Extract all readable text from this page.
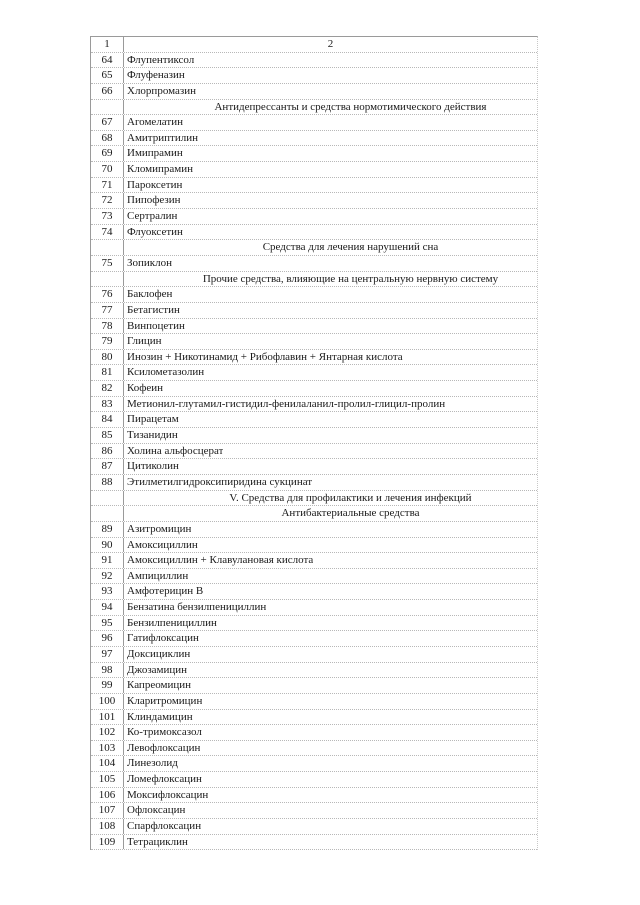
1	2
64	Флупентиксол
65	Флуфеназин
66	Хлорпромазин
Антидепрессанты и средства нормотимического действия
67	Агомелатин
68	Амитриптилин
69	Имипрамин
70	Кломипрамин
71	Пароксетин
72	Пипофезин
73	Сертралин
74	Флуоксетин
Средства для лечения нарушений сна
75	Зопиклон
Прочие средства, влияющие на центральную нервную систему
76	Баклофен
77	Бетагистин
78	Винпоцетин
79	Глицин
80	Инозин + Никотинамид + Рибофлавин + Янтарная кислота
81	Ксилометазолин
82	Кофеин
83	Метионил-глутамил-гистидил-фенилаланил-пролил-глицил-пролин
84	Пирацетам
85	Тизанидин
86	Холина альфосцерат
87	Цитиколин
88	Этилметилгидроксипиридина сукцинат
V. Средства для профилактики и лечения инфекций
Антибактериальные средства
89	Азитромицин
90	Амоксициллин
91	Амоксициллин + Клавулановая кислота
92	Ампициллин
93	Амфотерицин В
94	Бензатина бензилпенициллин
95	Бензилпенициллин
96	Гатифлоксацин
97	Доксициклин
98	Джозамицин
99	Капреомицин
100	Кларитромицин
101	Клиндамицин
102	Ко-тримоксазол
103	Левофлоксацин
104	Линезолид
105	Ломефлоксацин
106	Моксифлоксацин
107	Офлоксацин
108	Спарфлоксацин
109	Тетрациклин
